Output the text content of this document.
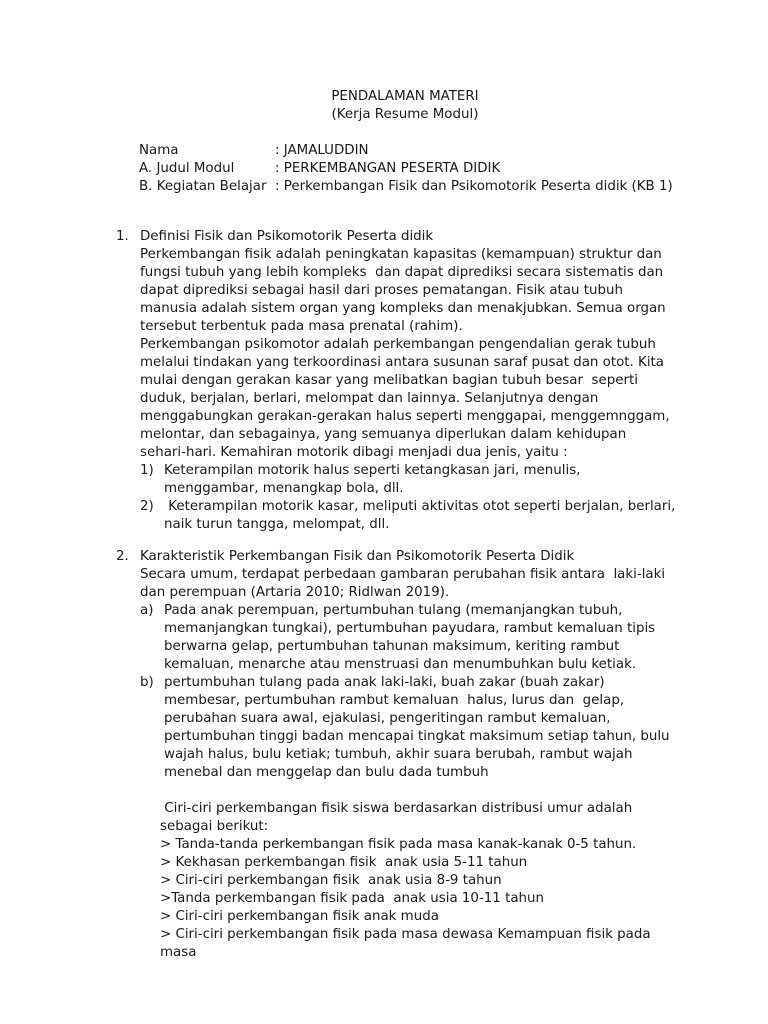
PENDALAMAN MATERI
(Kerja Resume Modul)
Nama	: JAMALUDDIN
A. Judul Modul	: PERKEMBANGAN PESERTA DIDIK
B. Kegiatan Belajar : Perkembangan Fisik dan Psikomotorik Peserta didik (KB 1)
1. Definisi Fisik dan Psikomotorik Peserta didik
Perkembangan fisik adalah peningkatan kapasitas (kemampuan) struktur dan fungsi tubuh yang lebih kompleks  dan dapat diprediksi secara sistematis dan dapat diprediksi sebagai hasil dari proses pematangan. Fisik atau tubuh manusia adalah sistem organ yang kompleks dan menakjubkan. Semua organ tersebut terbentuk pada masa prenatal (rahim).
Perkembangan psikomotor adalah perkembangan pengendalian gerak tubuh melalui tindakan yang terkoordinasi antara susunan saraf pusat dan otot. Kita mulai dengan gerakan kasar yang melibatkan bagian tubuh besar  seperti duduk, berjalan, berlari, melompat dan lainnya. Selanjutnya dengan menggabungkan gerakan-gerakan halus seperti menggapai, menggemnggam, melontar, dan sebagainya, yang semuanya diperlukan dalam kehidupan sehari-hari. Kemahiran motorik dibagi menjadi dua jenis, yaitu :
1) Keterampilan motorik halus seperti ketangkasan jari, menulis,  menggambar, menangkap bola, dll.
2) Keterampilan motorik kasar, meliputi aktivitas otot seperti berjalan, berlari, naik turun tangga, melompat, dll.
2. Karakteristik Perkembangan Fisik dan Psikomotorik Peserta Didik
Secara umum, terdapat perbedaan gambaran perubahan fisik antara  laki-laki dan perempuan (Artaria 2010; Ridlwan 2019).
a) Pada anak perempuan, pertumbuhan tulang (memanjangkan tubuh, memanjangkan tungkai), pertumbuhan payudara, rambut kemaluan tipis berwarna gelap, pertumbuhan tahunan maksimum, keriting rambut kemaluan, menarche atau menstruasi dan menumbuhkan bulu ketiak.
b) pertumbuhan tulang pada anak laki-laki, buah zakar (buah zakar) membesar, pertumbuhan rambut kemaluan  halus, lurus dan  gelap,  perubahan suara awal, ejakulasi, pengeritingan rambut kemaluan, pertumbuhan tinggi badan mencapai tingkat maksimum setiap tahun, bulu wajah halus, bulu ketiak; tumbuh, akhir suara berubah, rambut wajah menebal dan menggelap dan bulu dada tumbuh
Ciri-ciri perkembangan fisik siswa berdasarkan distribusi umur adalah sebagai berikut:
> Tanda-tanda perkembangan fisik pada masa kanak-kanak 0-5 tahun.
> Kekhasan perkembangan fisik  anak usia 5-11 tahun
> Ciri-ciri perkembangan fisik  anak usia 8-9 tahun
>Tanda perkembangan fisik pada  anak usia 10-11 tahun
> Ciri-ciri perkembangan fisik anak muda
> Ciri-ciri perkembangan fisik pada masa dewasa Kemampuan fisik pada masa
